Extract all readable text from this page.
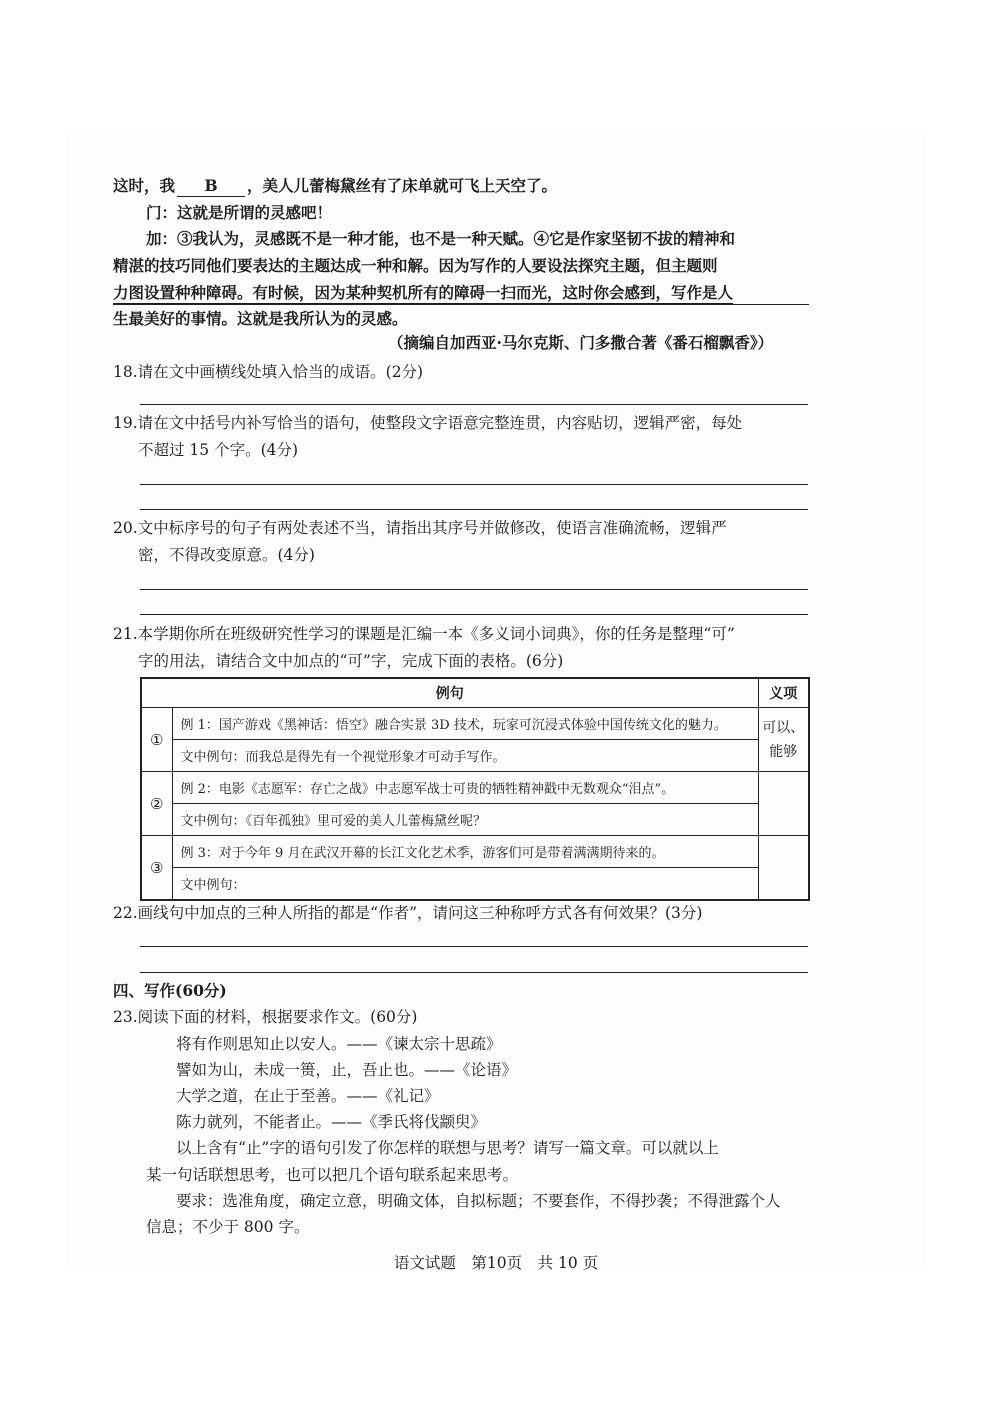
这时，我 B ，美人儿蕾梅黛丝有了床单就可飞上天空了。
门：这就是所谓的灵感吧！
加：③我认为，灵感既不是一种才能，也不是一种天赋。④它是作家坚韧不拔的精神和
精湛的技巧同他们要表达的主题达成一种和解。因为写作的人要设法探究主题，但主题则
力图设置种种障碍。有时候，因为某种契机所有的障碍一扫而光，这时你会感到，写作是人
生最美好的事情。这就是我所认为的灵感。
（摘编自加西亚·马尔克斯、门多撒合著《番石榴飘香》）
18.请在文中画横线处填入恰当的成语。(2分)
19.请在文中括号内补写恰当的语句，使整段文字语意完整连贯，内容贴切，逻辑严密，每处
不超过 15 个字。(4分)
20.文中标序号的句子有两处表述不当，请指出其序号并做修改，使语言准确流畅，逻辑严
密，不得改变原意。(4分)
21.本学期你所在班级研究性学习的课题是汇编一本《多义词小词典》，你的任务是整理“可”
字的用法，请结合文中加点的“可”字，完成下面的表格。(6分)
例句		义项
①	例 1：国产游戏《黑神话：悟空》融合实景 3D 技术，玩家可沉浸式体验中国传统文化的魅力。	可以、
能够

	文中例句：而我总是得先有一个视觉形象才可动手写作。	
②	例 2：电影《志愿军：存亡之战》中志愿军战士可贵的牺牲精神戳中无数观众“泪点”。	

	文中例句：《百年孤独》里可爱的美人儿蕾梅黛丝呢？	
③	例 3：对于今年 9 月在武汉开幕的长江文化艺术季，游客们可是带着满满期待来的。	

	文中例句：	
22.画线句中加点的三种人所指的都是“作者”，请问这三种称呼方式各有何效果？(3分)
四、写作(60分)
23.阅读下面的材料，根据要求作文。(60分)
将有作则思知止以安人。——《谏太宗十思疏》
譬如为山，未成一篑，止，吾止也。——《论语》
大学之道，在止于至善。——《礼记》
陈力就列，不能者止。——《季氏将伐颛臾》
以上含有“止”字的语句引发了你怎样的联想与思考？请写一篇文章。可以就以上
某一句话联想思考，也可以把几个语句联系起来思考。
要求：选准角度，确定立意，明确文体，自拟标题；不要套作，不得抄袭；不得泄露个人
信息；不少于 800 字。
语文试题　第10页　共 10 页
